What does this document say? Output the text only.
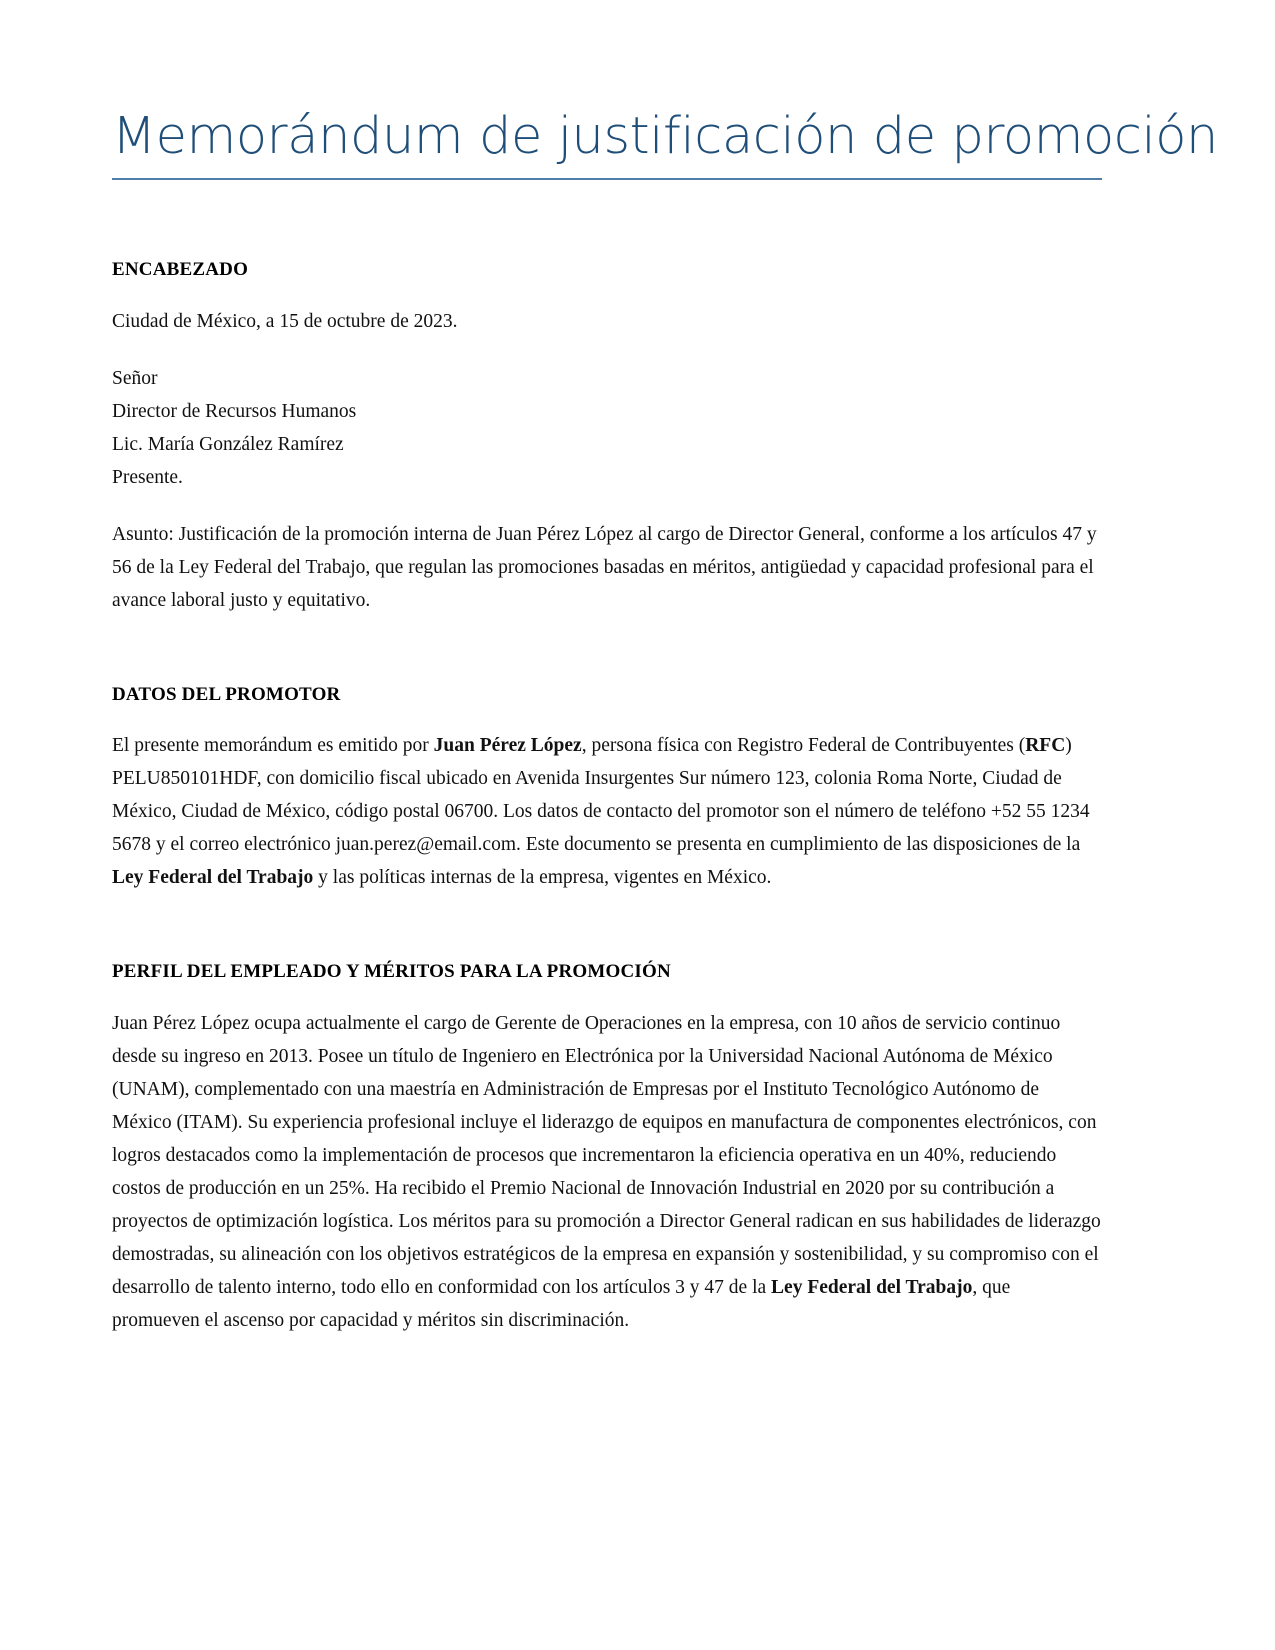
Memorándum de justificación de promoción
ENCABEZADO

Ciudad de México, a 15 de octubre de 2023.

Señor
Director de Recursos Humanos
Lic. María González Ramírez
Presente.

Asunto: Justificación de la promoción interna de Juan Pérez López al cargo de Director General, conforme a los artículos 47 y 56 de la Ley Federal del Trabajo, que regulan las promociones basadas en méritos, antigüedad y capacidad profesional para el avance laboral justo y equitativo.

DATOS DEL PROMOTOR

El presente memorándum es emitido por Juan Pérez López, persona física con Registro Federal de Contribuyentes (RFC) PELU850101HDF, con domicilio fiscal ubicado en Avenida Insurgentes Sur número 123, colonia Roma Norte, Ciudad de México, Ciudad de México, código postal 06700. Los datos de contacto del promotor son el número de teléfono +52 55 1234 5678 y el correo electrónico juan.perez@email.com. Este documento se presenta en cumplimiento de las disposiciones de la Ley Federal del Trabajo y las políticas internas de la empresa, vigentes en México.

PERFIL DEL EMPLEADO Y MÉRITOS PARA LA PROMOCIÓN

Juan Pérez López ocupa actualmente el cargo de Gerente de Operaciones en la empresa, con 10 años de servicio continuo desde su ingreso en 2013. Posee un título de Ingeniero en Electrónica por la Universidad Nacional Autónoma de México (UNAM), complementado con una maestría en Administración de Empresas por el Instituto Tecnológico Autónomo de México (ITAM). Su experiencia profesional incluye el liderazgo de equipos en manufactura de componentes electrónicos, con logros destacados como la implementación de procesos que incrementaron la eficiencia operativa en un 40%, reduciendo costos de producción en un 25%. Ha recibido el Premio Nacional de Innovación Industrial en 2020 por su contribución a proyectos de optimización logística. Los méritos para su promoción a Director General radican en sus habilidades de liderazgo demostradas, su alineación con los objetivos estratégicos de la empresa en expansión y sostenibilidad, y su compromiso con el desarrollo de talento interno, todo ello en conformidad con los artículos 3 y 47 de la Ley Federal del Trabajo, que promueven el ascenso por capacidad y méritos sin discriminación.
